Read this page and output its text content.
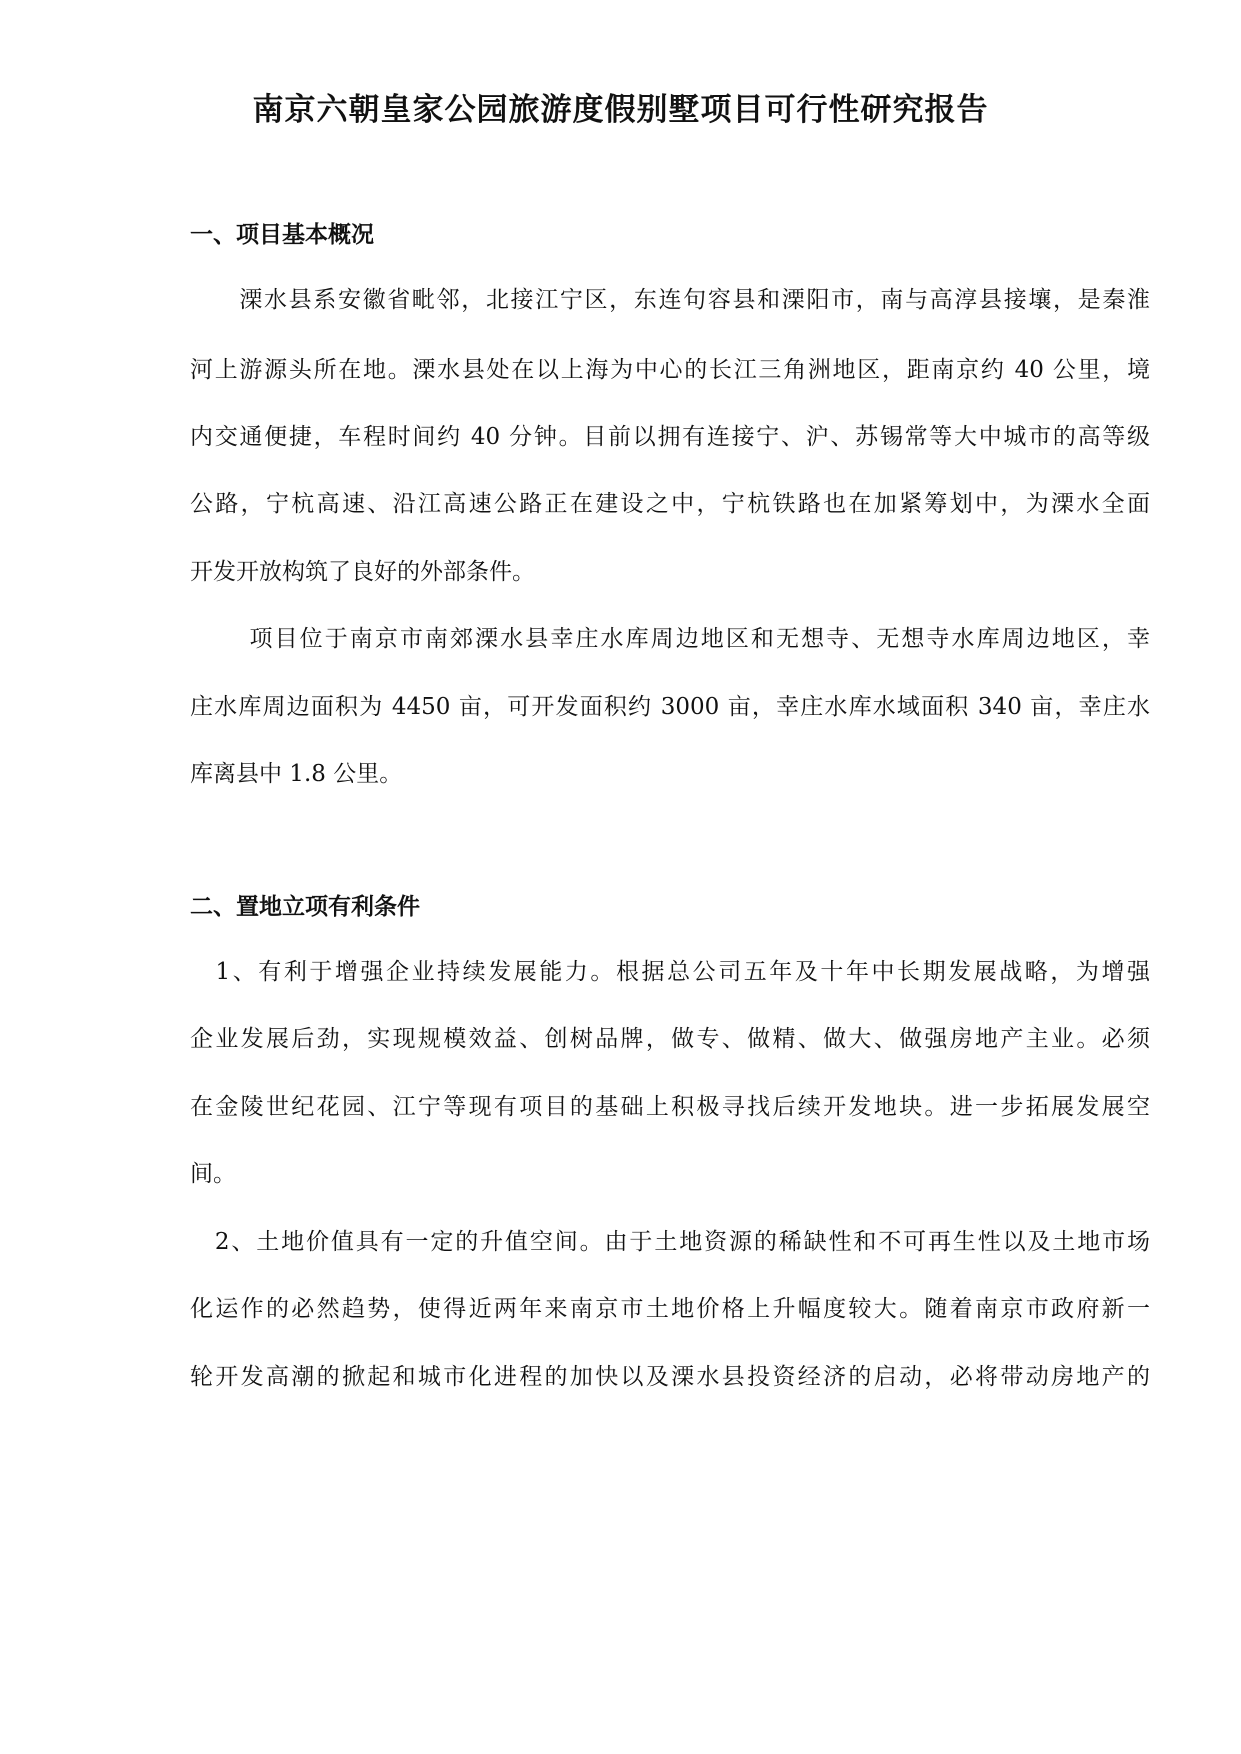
南京六朝皇家公园旅游度假别墅项目可行性研究报告
一、项目基本概况

　　溧水县系安徽省毗邻，北接江宁区，东连句容县和溧阳市，南与高淳县接壤，是秦淮

河上游源头所在地。溧水县处在以上海为中心的长江三角洲地区，距南京约 40 公里，境

内交通便捷，车程时间约 40 分钟。目前以拥有连接宁、沪、苏锡常等大中城市的高等级

公路，宁杭高速、沿江高速公路正在建设之中，宁杭铁路也在加紧筹划中，为溧水全面

开发开放构筑了良好的外部条件。

　　 项目位于南京市南郊溧水县幸庄水库周边地区和无想寺、无想寺水库周边地区，幸

庄水库周边面积为 4450 亩，可开发面积约 3000 亩，幸庄水库水域面积 340 亩，幸庄水

库离县中 1.8 公里。

二、置地立项有利条件

　1、有利于增强企业持续发展能力。根据总公司五年及十年中长期发展战略，为增强

企业发展后劲，实现规模效益、创树品牌，做专、做精、做大、做强房地产主业。必须

在金陵世纪花园、江宁等现有项目的基础上积极寻找后续开发地块。进一步拓展发展空

间。

　2、土地价值具有一定的升值空间。由于土地资源的稀缺性和不可再生性以及土地市场

化运作的必然趋势，使得近两年来南京市土地价格上升幅度较大。随着南京市政府新一

轮开发高潮的掀起和城市化进程的加快以及溧水县投资经济的启动，必将带动房地产的
